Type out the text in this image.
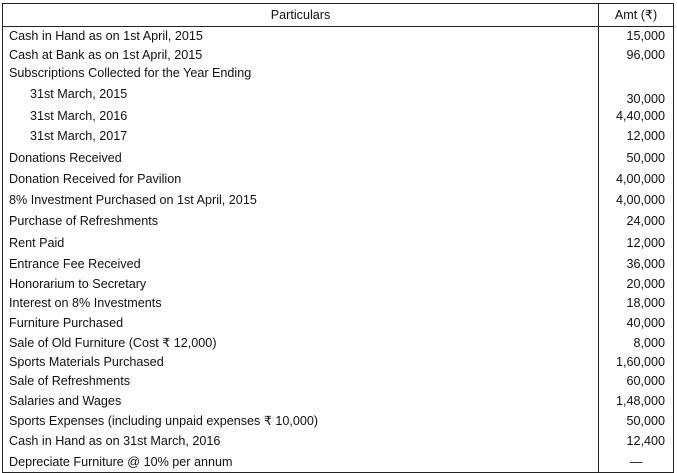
Particulars	Amt (₹)
Cash in Hand as on 1st April, 2015	15,000
Cash at Bank as on 1st April, 2015	96,000
Subscriptions Collected for the Year Ending	
31st March, 2015	30,000
31st March, 2016	4,40,000
31st March, 2017	12,000
Donations Received	50,000
Donation Received for Pavilion	4,00,000
8% Investment Purchased on 1st April, 2015	4,00,000
Purchase of Refreshments	24,000
Rent Paid	12,000
Entrance Fee Received	36,000
Honorarium to Secretary	20,000
Interest on 8% Investments	18,000
Furniture Purchased	40,000
Sale of Old Furniture (Cost ₹ 12,000)	8,000
Sports Materials Purchased	1,60,000
Sale of Refreshments	60,000
Salaries and Wages	1,48,000
Sports Expenses (including unpaid expenses ₹ 10,000)	50,000
Cash in Hand as on 31st March, 2016	12,400
Depreciate Furniture @ 10% per annum	—
